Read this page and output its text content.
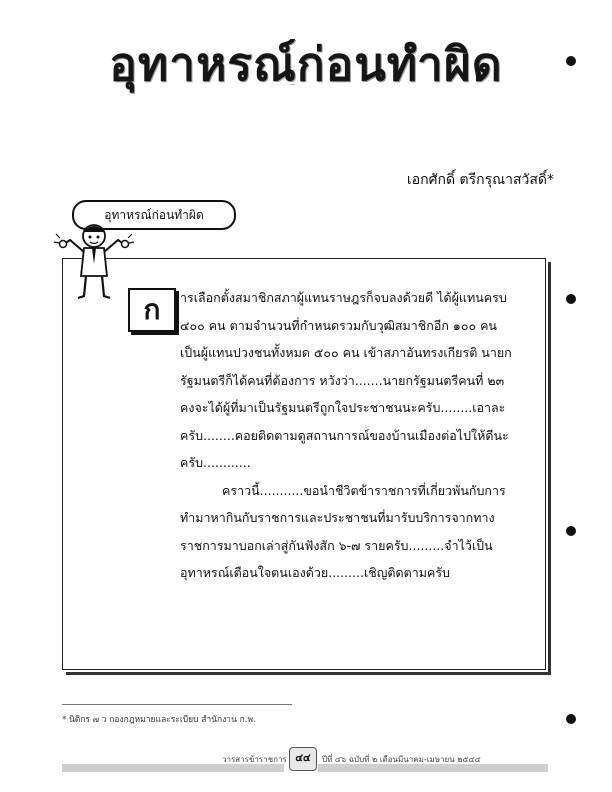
อุทาหรณ์ก่อนทำผิด
เอกศักดิ์ ตรีกรุณาสวัสดิ์*
อุทาหรณ์ก่อนทำผิด
ก	ารเลือกตั้งสมาชิกสภาผู้แทนราษฎรก็จบลงด้วยดี ได้ผู้แทนครบ ๔๐๐ คน ตามจำนวนที่กำหนดรวมกับวุฒิสมาชิกอีก ๑๐๐ คน เป็นผู้แทนปวงชนทั้งหมด ๕๐๐ คน เข้าสภาอันทรงเกียรติ นายกรัฐมนตรีก็ได้คนที่ต้องการ หวังว่า.......นายกรัฐมนตรีคนที่ ๒๓ คงจะได้ผู้ที่มาเป็นรัฐมนตรีถูกใจประชาชนนะครับ........เอาละครับ........คอยติดตามดูสถานการณ์ของบ้านเมืองต่อไปให้ดีนะครับ............

คราวนี้...........ขอนำชีวิตข้าราชการที่เกี่ยวพันกับการทำมาหากินกับราชการและประชาชนที่มารับบริการจากทางราชการมาบอกเล่าสู่กันฟังสัก ๖-๗ รายครับ.........จำไว้เป็น อุทาหรณ์เตือนใจตนเองด้วย.........เชิญติดตามครับ

* นิติกร ๗ ว กองกฎหมายและระเบียบ สำนักงาน ก.พ.
วารสารข้าราชการ ๔๔	ปีที่ ๔๖ ฉบับที่ ๒ เดือนมีนาคม-เมษายน ๒๕๔๔
